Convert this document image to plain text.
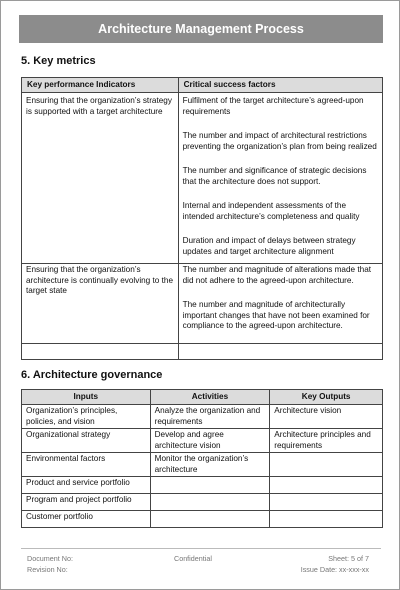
Architecture Management Process
5. Key metrics
Key performance Indicators	Critical success factors
Ensuring that the organization’s strategy is supported with a target architecture	Fulfilment of the target architecture’s agreed-upon requirements

The number and impact of architectural restrictions preventing the organization’s plan from being realized

The number and significance of strategic decisions that the architecture does not support.

Internal and independent assessments of the intended architecture’s completeness and quality

Duration and impact of delays between strategy updates and target architecture alignment

Ensuring that the organization’s architecture is continually evolving to the target state	The number and magnitude of alterations made that did not adhere to the agreed-upon architecture.

The number and magnitude of architecturally important changes that have not been examined for compliance to the agreed-upon architecture.

6. Architecture governance
Inputs	Activities	Key Outputs
Organization’s principles, policies, and vision	Analyze the organization and requirements	Architecture vision
Organizational strategy	Develop and agree architecture vision	Architecture principles and requirements
Environmental factors	Monitor the organization’s architecture	
Product and service portfolio		
Program and project portfolio		
Customer portfolio		
Document No:
Revision No:
Confidential	Sheet: 5 of 7
Issue Date: xx-xxx-xx
